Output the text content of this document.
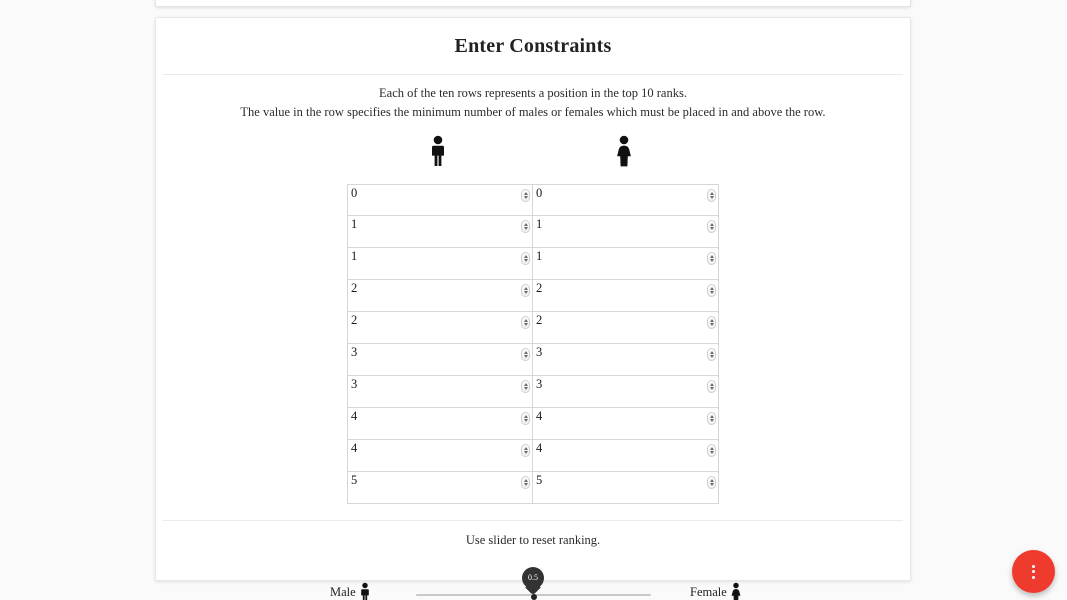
Enter Constraints
Each of the ten rows represents a position in the top 10 ranks.
The value in the row specifies the minimum number of males or females which must be placed in and above the row.
0	0
1	1
1	1
2	2
2	2
3	3
3	3
4	4
4	4
5	5
Use slider to reset ranking.
Male
0.5
Female
